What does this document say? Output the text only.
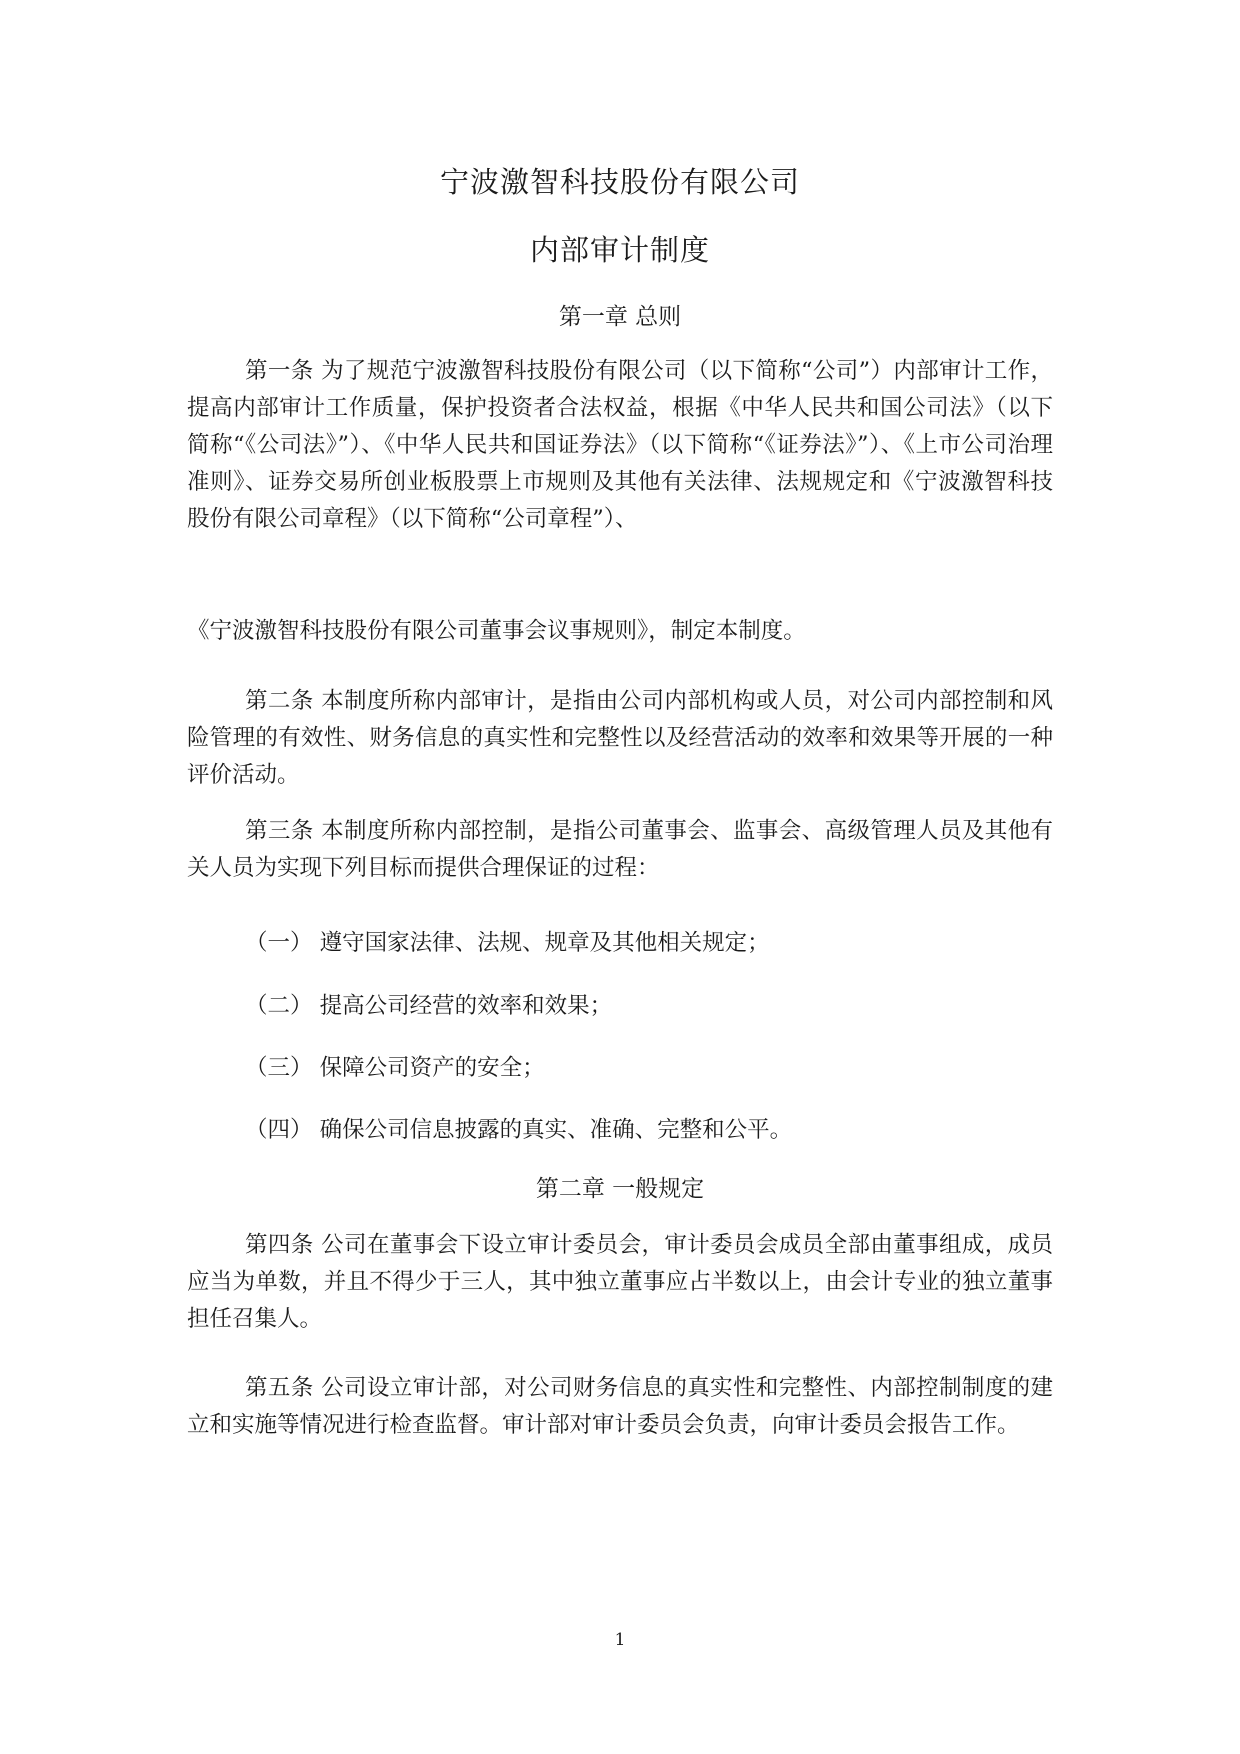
宁波激智科技股份有限公司
内部审计制度
第一章 总则

第一条 为了规范宁波激智科技股份有限公司（以下简称“公司”）内部审计工作，提高内部审计工作质量，保护投资者合法权益，根据《中华人民共和国公司法》（以下简称“《公司法》”）、《中华人民共和国证券法》（以下简称“《证券法》”）、《上市公司治理准则》、证券交易所创业板股票上市规则及其他有关法律、法规规定和《宁波激智科技股份有限公司章程》（以下简称“公司章程”）、

《宁波激智科技股份有限公司董事会议事规则》，制定本制度。

第二条 本制度所称内部审计，是指由公司内部机构或人员，对公司内部控制和风险管理的有效性、财务信息的真实性和完整性以及经营活动的效率和效果等开展的一种评价活动。

第三条 本制度所称内部控制，是指公司董事会、监事会、高级管理人员及其他有关人员为实现下列目标而提供合理保证的过程：

（一） 遵守国家法律、法规、规章及其他相关规定；

（二） 提高公司经营的效率和效果；

（三） 保障公司资产的安全；

（四） 确保公司信息披露的真实、准确、完整和公平。

第二章 一般规定

第四条 公司在董事会下设立审计委员会，审计委员会成员全部由董事组成，成员应当为单数，并且不得少于三人，其中独立董事应占半数以上，由会计专业的独立董事担任召集人。

第五条 公司设立审计部，对公司财务信息的真实性和完整性、内部控制制度的建立和实施等情况进行检查监督。审计部对审计委员会负责，向审计委员会报告工作。

1
